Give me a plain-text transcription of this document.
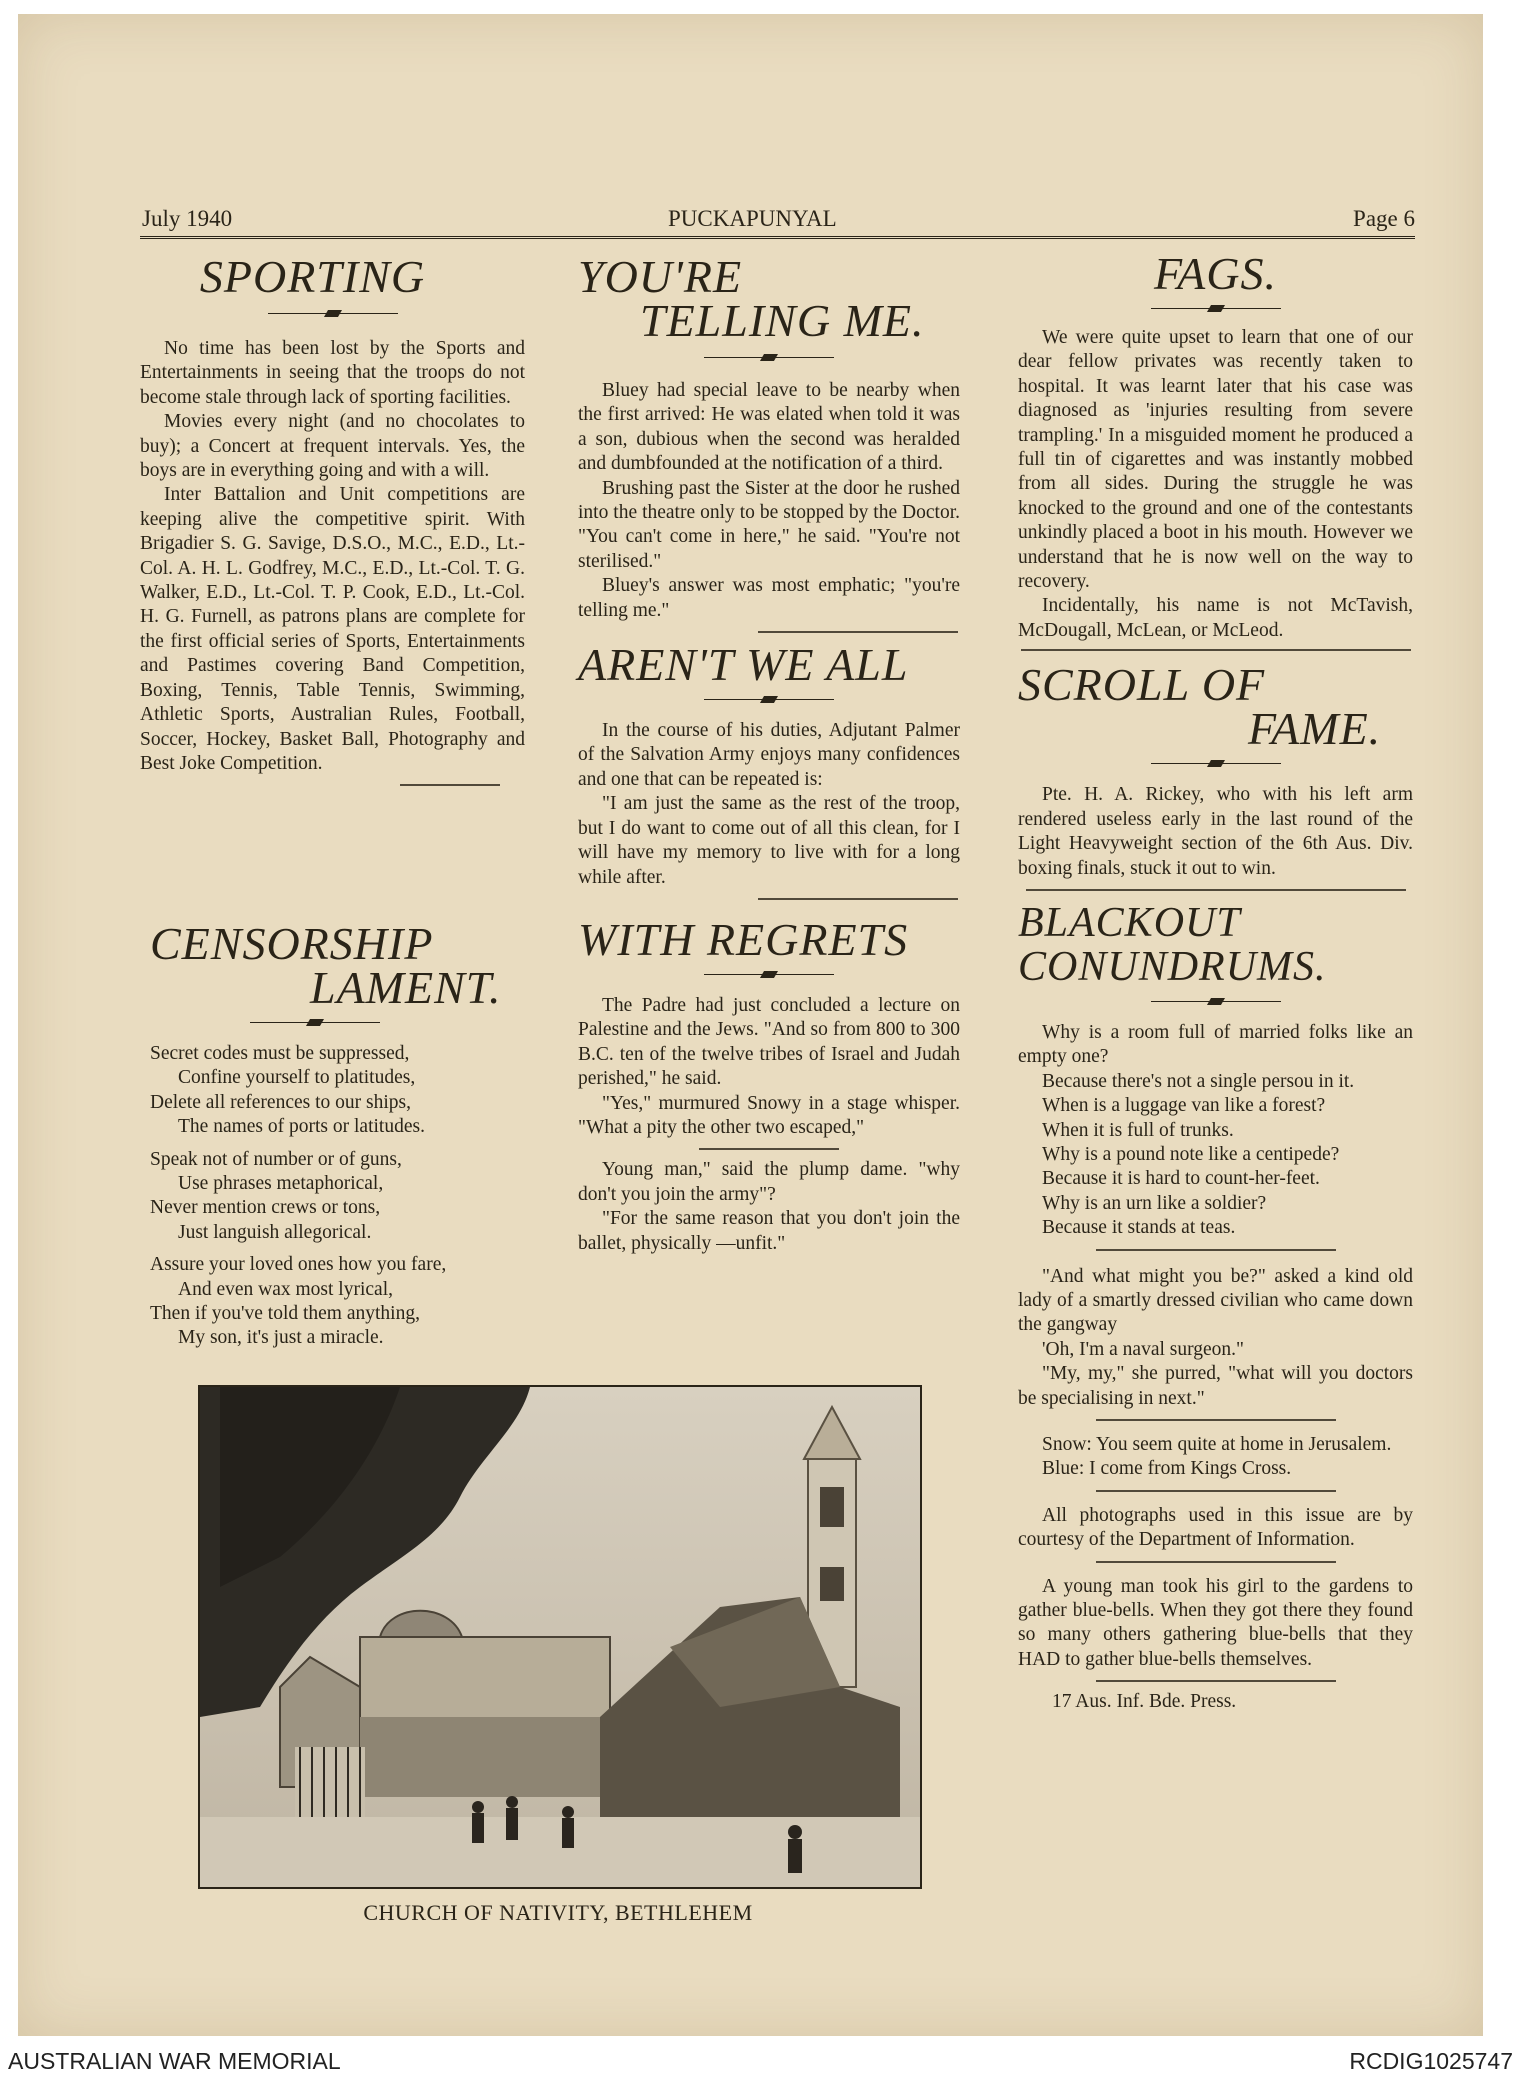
July 1940	PUCKAPUNYAL	Page 6
SPORTING

No time has been lost by the Sports and Entertainments in seeing that the troops do not become stale through lack of sporting facilities.

Movies every night (and no chocolates to buy); a Concert at frequent intervals. Yes, the boys are in everything going and with a will.

Inter Battalion and Unit competitions are keeping alive the competitive spirit. With Brigadier S. G. Savige, D.S.O., M.C., E.D., Lt.-Col. A. H. L. Godfrey, M.C., E.D., Lt.-Col. T. G. Walker, E.D., Lt.-Col. T. P. Cook, E.D., Lt.-Col. H. G. Furnell, as patrons plans are complete for the first official series of Sports, Entertainments and Pastimes covering Band Competition, Boxing, Tennis, Table Tennis, Swimming, Athletic Sports, Australian Rules, Football, Soccer, Hockey, Basket Ball, Photography and Best Joke Competition.

CENSORSHIP
LAMENT.
Secret codes must be suppressed,
Confine yourself to platitudes,
Delete all references to our ships,
The names of ports or latitudes.
Speak not of number or of guns,
Use phrases metaphorical,
Never mention crews or tons,
Just languish allegorical.
Assure your loved ones how you fare,
And even wax most lyrical,
Then if you've told them anything,
My son, it's just a miracle.
YOU'RE
TELLING ME.

Bluey had special leave to be nearby when the first arrived: He was elated when told it was a son, dubious when the second was heralded and dumbfounded at the notification of a third.

Brushing past the Sister at the door he rushed into the theatre only to be stopped by the Doctor. "You can't come in here," he said. "You're not sterilised."

Bluey's answer was most emphatic; "you're telling me."

AREN'T WE ALL

In the course of his duties, Adjutant Palmer of the Salvation Army enjoys many confidences and one that can be repeated is:

"I am just the same as the rest of the troop, but I do want to come out of all this clean, for I will have my memory to live with for a long while after.

WITH REGRETS

The Padre had just concluded a lecture on Palestine and the Jews. "And so from 800 to 300 B.C. ten of the twelve tribes of Israel and Judah perished," he said.

"Yes," murmured Snowy in a stage whisper. "What a pity the other two escaped,"

Young man," said the plump dame. "why don't you join the army"?

"For the same reason that you don't join the ballet, physically —unfit."

FAGS.

We were quite upset to learn that one of our dear fellow privates was recently taken to hospital. It was learnt later that his case was diagnosed as 'injuries resulting from severe trampling.' In a misguided moment he produced a full tin of cigarettes and was instantly mobbed from all sides. During the struggle he was knocked to the ground and one of the contestants unkindly placed a boot in his mouth. However we understand that he is now well on the way to recovery.

Incidentally, his name is not McTavish, McDougall, McLean, or McLeod.

SCROLL OF
FAME.

Pte. H. A. Rickey, who with his left arm rendered useless early in the last round of the Light Heavyweight section of the 6th Aus. Div. boxing finals, stuck it out to win.

BLACKOUT
CONUNDRUMS.

Why is a room full of married folks like an empty one?

Because there's not a single persou in it.

When is a luggage van like a forest?

When it is full of trunks.

Why is a pound note like a centipede?

Because it is hard to count-her-feet.

Why is an urn like a soldier?

Because it stands at teas.

"And what might you be?" asked a kind old lady of a smartly dressed civilian who came down the gangway

'Oh, I'm a naval surgeon."

"My, my," she purred, "what will you doctors be specialising in next."

Snow: You seem quite at home in Jerusalem.

Blue: I come from Kings Cross.

All photographs used in this issue are by courtesy of the Department of Information.

A young man took his girl to the gardens to gather blue-bells. When they got there they found so many others gathering blue-bells that they HAD to gather blue-bells themselves.

17 Aus. Inf. Bde. Press.
CHURCH OF NATIVITY, BETHLEHEM
AUSTRALIAN WAR MEMORIAL	RCDIG1025747
